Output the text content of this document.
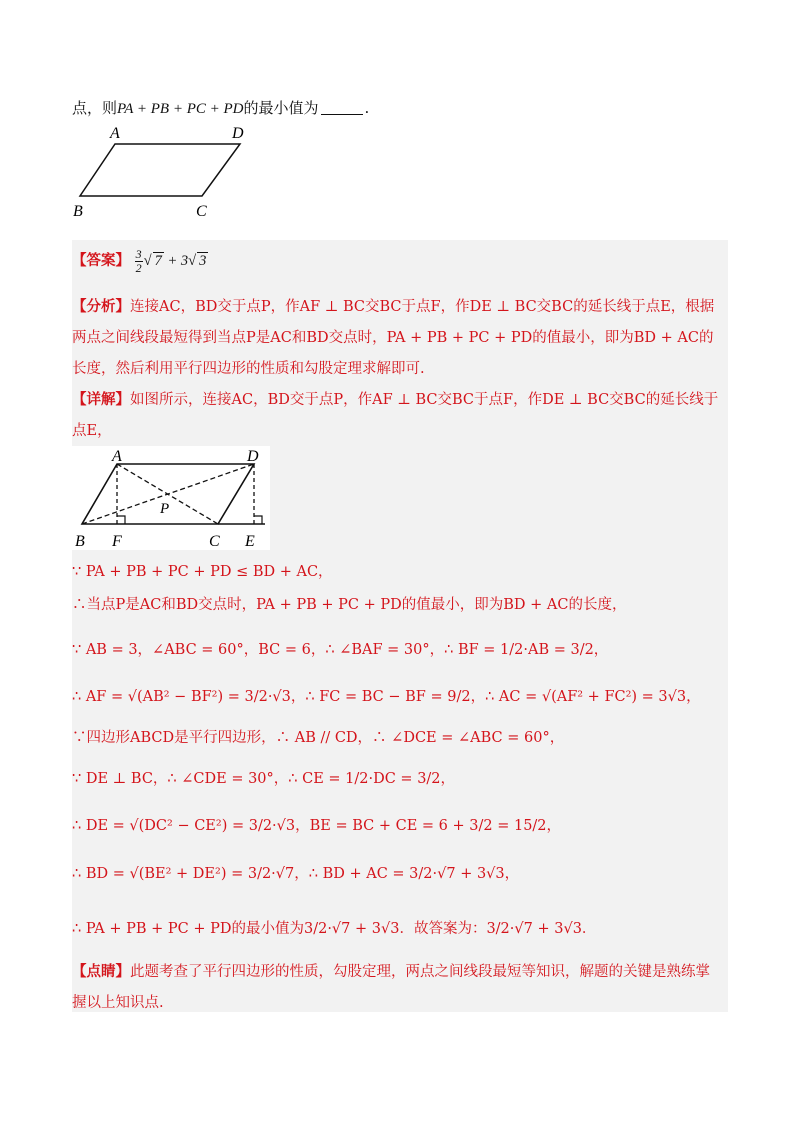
点，则PA + PB + PC + PD的最小值为	.
A	D
B	C
【答案】 $\frac{3}{2}$ √ 7 + 3√ 3
【分析】连接AC，BD交于点P，作AF ⊥ BC交BC于点F，作DE ⊥ BC交BC的延长线于点E，根据两点之间线段最短得到当点P是AC和BD交点时，PA + PB + PC + PD的值最小，即为BD + AC的长度，然后利用平行四边形的性质和勾股定理求解即可.
【详解】如图所示，连接AC，BD交于点P，作AF ⊥ BC交BC于点F，作DE ⊥ BC交BC的延长线于点E，
A	D
P
B F	C E
∵ PA + PB + PC + PD ≤ BD + AC，
∴当点P是AC和BD交点时，PA + PB + PC + PD的值最小，即为BD + AC的长度，
∵ AB = 3，∠ABC = 60°，BC = 6，∴ ∠BAF = 30°，∴ BF = 1/2·AB = 3/2，
∴ AF = √(AB² − BF²) = 3/2·√3，∴ FC = BC − BF = 9/2，∴ AC = √(AF² + FC²) = 3√3，
∵四边形ABCD是平行四边形，∴ AB // CD，∴ ∠DCE = ∠ABC = 60°，
∵ DE ⊥ BC，∴ ∠CDE = 30°，∴ CE = 1/2·DC = 3/2，
∴ DE = √(DC² − CE²) = 3/2·√3，BE = BC + CE = 6 + 3/2 = 15/2，
∴ BD = √(BE² + DE²) = 3/2·√7，∴ BD + AC = 3/2·√7 + 3√3，
∴ PA + PB + PC + PD的最小值为3/2·√7 + 3√3．故答案为：3/2·√7 + 3√3．
【点睛】此题考查了平行四边形的性质，勾股定理，两点之间线段最短等知识，解题的关键是熟练掌握以上知识点.
